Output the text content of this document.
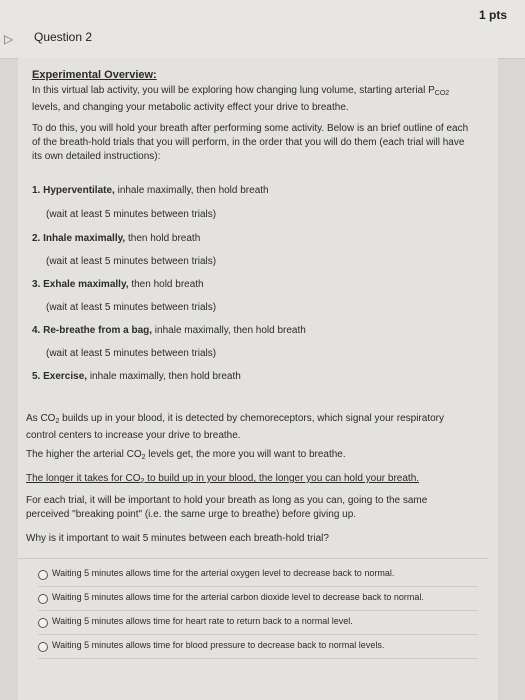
▷	Question 2
1 pts
Experimental Overview:
In this virtual lab activity, you will be exploring how changing lung volume, starting arterial $P_{CO2}$
levels, and changing your metabolic activity effect your drive to breathe.
To do this, you will hold your breath after performing some activity. Below is an brief outline of each
of the breath-hold trials that you will perform, in the order that you will do them (each trial will have
its own detailed instructions):
1. Hyperventilate, inhale maximally, then hold breath
(wait at least 5 minutes between trials)
2. Inhale maximally, then hold breath
(wait at least 5 minutes between trials)
3. Exhale maximally, then hold breath
(wait at least 5 minutes between trials)
4. Re-breathe from a bag, inhale maximally, then hold breath
(wait at least 5 minutes between trials)
5. Exercise, inhale maximally, then hold breath
As $CO_2$ builds up in your blood, it is detected by chemoreceptors, which signal your respiratory
control centers to increase your drive to breathe.
The higher the arterial $CO_2$ levels get, the more you will want to breathe.
The longer it takes for $CO_2$ to build up in your blood, the longer you can hold your breath.
For each trial, it will be important to hold your breath as long as you can, going to the same
perceived "breaking point" (i.e. the same urge to breathe) before giving up.
Why is it important to wait 5 minutes between each breath-hold trial?
Waiting 5 minutes allows time for the arterial oxygen level to decrease back to normal.
Waiting 5 minutes allows time for the arterial carbon dioxide level to decrease back to normal.
Waiting 5 minutes allows time for heart rate to return back to a normal level.
Waiting 5 minutes allows time for blood pressure to decrease back to normal levels.
